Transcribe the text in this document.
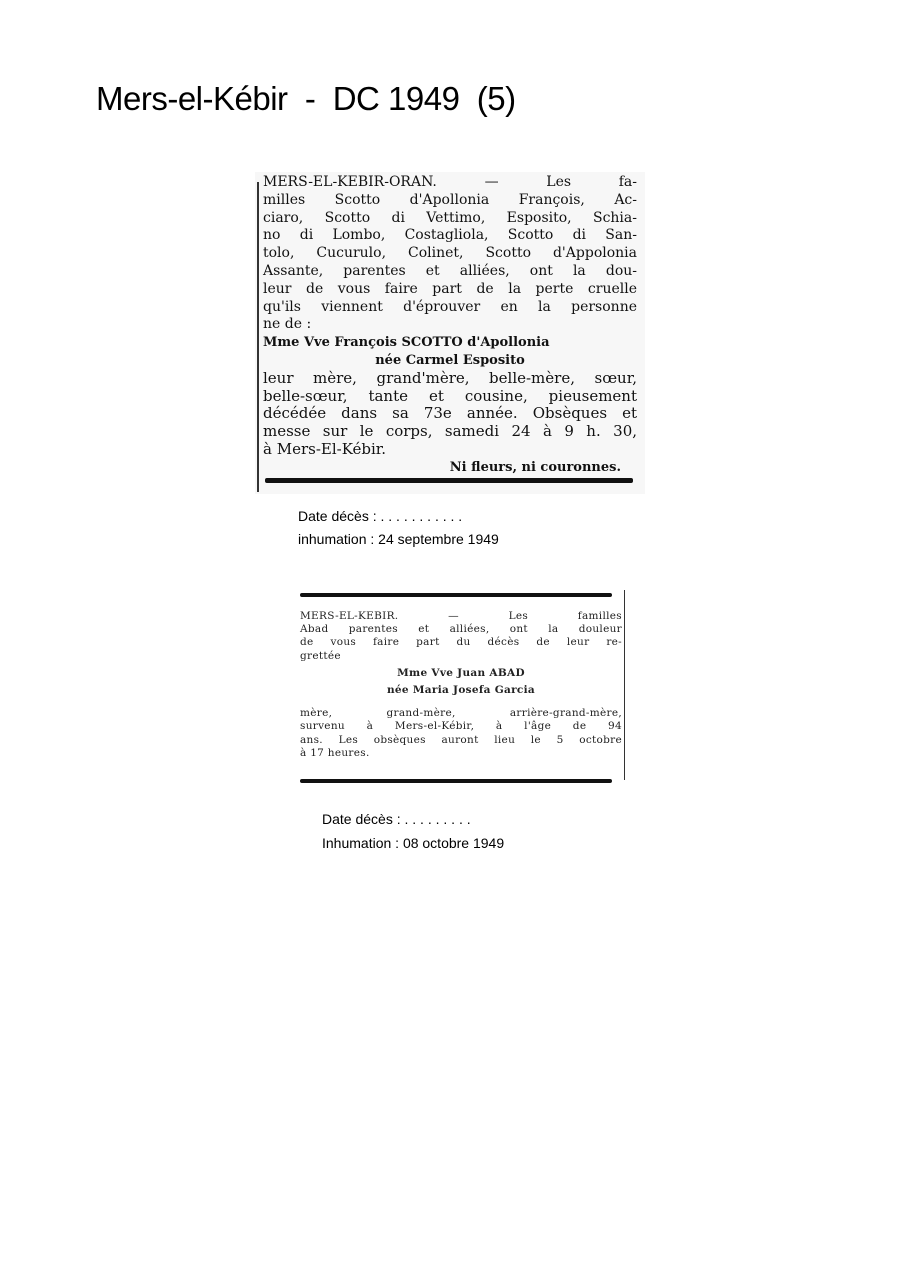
Mers-el-Kébir  -  DC 1949  (5)
MERS-EL-KEBIR-ORAN. — Les fa-
milles Scotto d'Apollonia François, Ac-
ciaro, Scotto di Vettimo, Esposito, Schia-
no di Lombo, Costagliola, Scotto di San-
tolo, Cucurulo, Colinet, Scotto d'Appolonia
Assante, parentes et alliées, ont la dou-
leur de vous faire part de la perte cruelle
qu'ils viennent d'éprouver en la personne
ne de :
Mme Vve François SCOTTO d'Apollonia
née Carmel Esposito
leur mère, grand'mère, belle-mère, sœur,
belle-sœur, tante et cousine, pieusement
décédée dans sa 73e année. Obsèques et
messe sur le corps, samedi 24 à 9 h. 30,
à Mers-El-Kébir.
Ni fleurs, ni couronnes.
Date décès : . . . . . . . . . . .
inhumation : 24 septembre 1949
MERS-EL-KEBIR. — Les familles
Abad parentes et alliées, ont la douleur
de vous faire part du décès de leur re-
grettée
Mme Vve Juan ABAD
née Maria Josefa Garcia
mère, grand-mère, arrière-grand-mère,
survenu à Mers-el-Kébir, à l'âge de 94
ans. Les obsèques auront lieu le 5 octobre
à 17 heures.
Date décès : . . . . . . . . .
Inhumation : 08 octobre 1949
